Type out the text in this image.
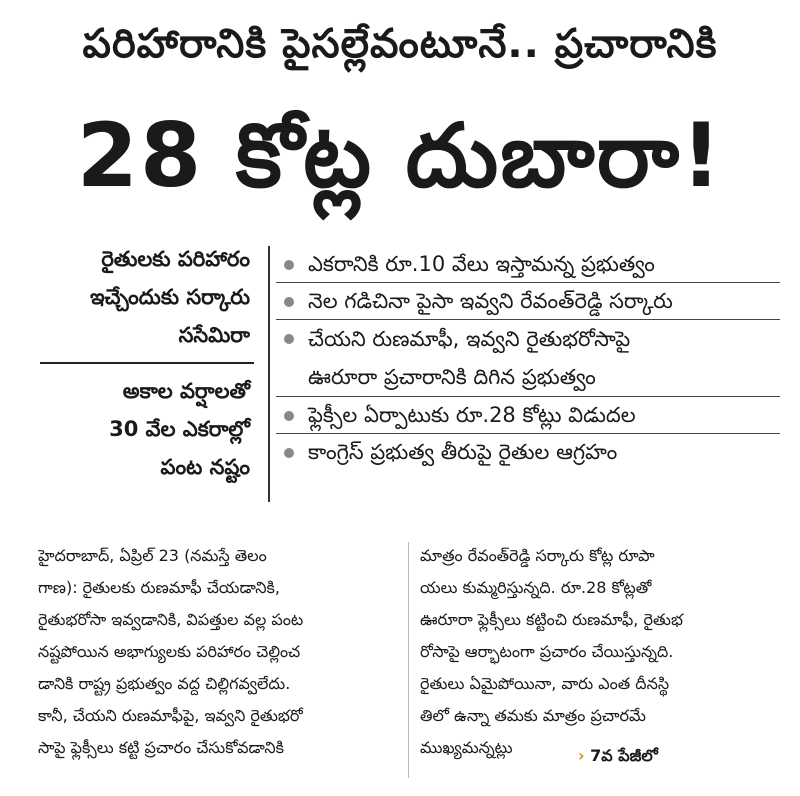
పరిహారానికి పైసల్లేవంటూనే.. ప్రచారానికి
28 కోట్ల దుబారా!
రైతులకు పరిహారం
ఇచ్చేందుకు సర్కారు
ససేమిరా
అకాల వర్షాలతో
30 వేల ఎకరాల్లో
పంట నష్టం
ఎకరానికి రూ.10 వేలు ఇస్తామన్న ప్రభుత్వం
నెల గడిచినా పైసా ఇవ్వని రేవంత్‌రెడ్డి సర్కారు
చేయని రుణమాఫీ, ఇవ్వని రైతుభరోసాపై
ఊరూరా ప్రచారానికి దిగిన ప్రభుత్వం
ఫ్లెక్సీల ఏర్పాటుకు రూ.28 కోట్లు విడుదల
కాంగ్రెస్ ప్రభుత్వ తీరుపై రైతుల ఆగ్రహం
హైదరాబాద్, ఏప్రిల్ 23 (నమస్తే తెలం
గాణ): రైతులకు రుణమాఫీ చేయడానికి,
రైతుభరోసా ఇవ్వడానికి, విపత్తుల వల్ల పంట
నష్టపోయిన అభాగ్యులకు పరిహారం చెల్లించ
డానికి రాష్ట్ర ప్రభుత్వం వద్ద చిల్లిగవ్వలేదు.
కానీ, చేయని రుణమాఫీపై, ఇవ్వని రైతుభరో
సాపై ఫ్లెక్సీలు కట్టి ప్రచారం చేసుకోవడానికి
మాత్రం రేవంత్‌రెడ్డి సర్కారు కోట్ల రూపా
యలు కుమ్మరిస్తున్నది. రూ.28 కోట్లతో
ఊరూరా ఫ్లెక్సీలు కట్టించి రుణమాఫీ, రైతుభ
రోసాపై ఆర్భాటంగా ప్రచారం చేయిస్తున్నది.
రైతులు ఏమైపోయినా, వారు ఎంత దీనస్థి
తిలో ఉన్నా తమకు మాత్రం ప్రచారమే
ముఖ్యమన్నట్లు	› 7వ పేజీలో
